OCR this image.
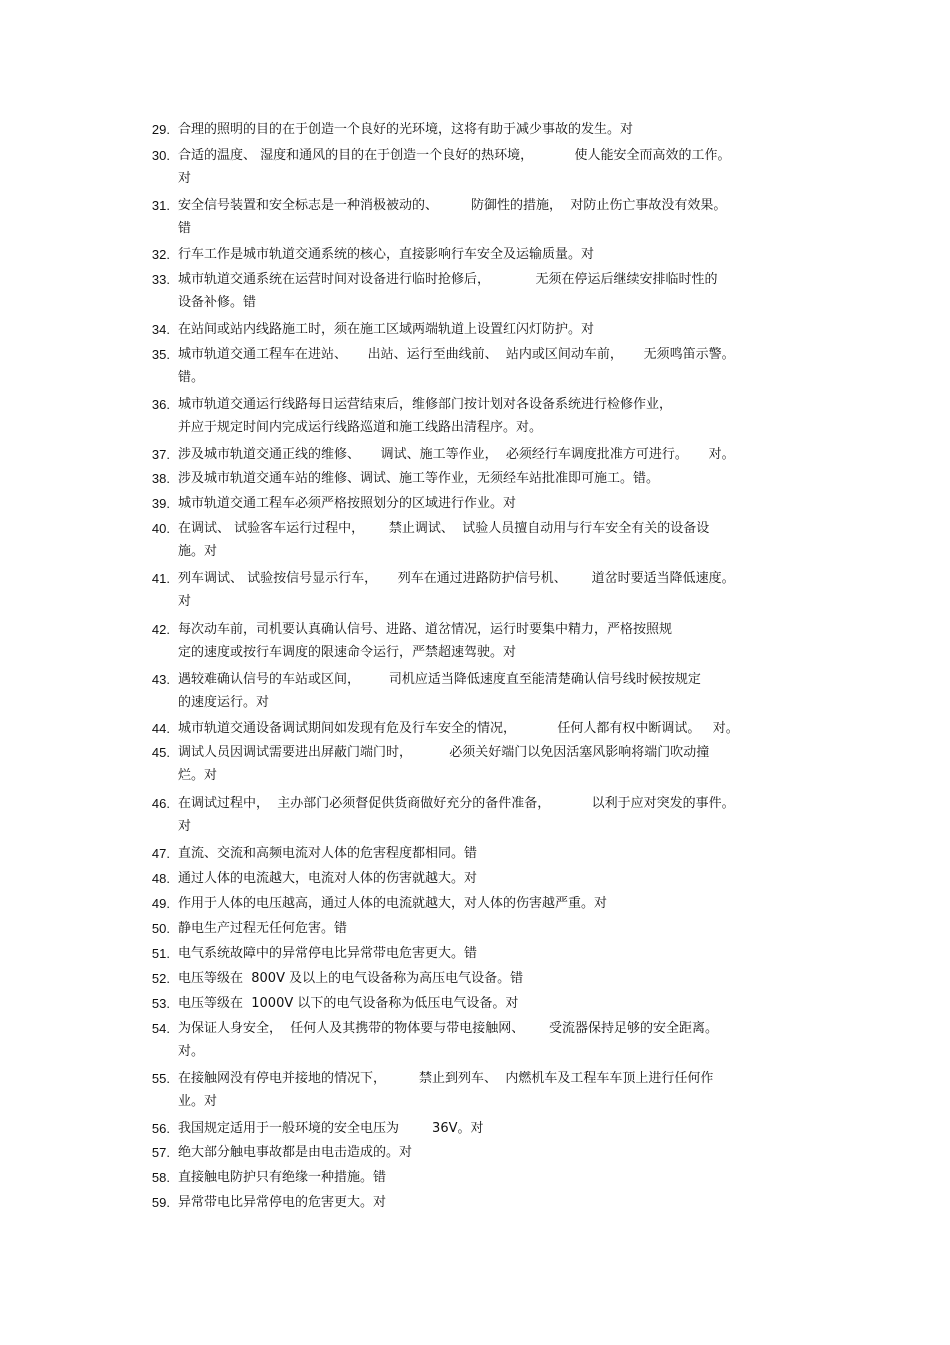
29. 合理的照明的目的在于创造一个良好的光环境，这将有助于减少事故的发生。对
30. 合适的温度、 湿度和通风的目的在于创造一个良好的热环境，          使人能安全而高效的工作。
对
31. 安全信号装置和安全标志是一种消极被动的、        防御性的措施，  对防止伤亡事故没有效果。
错
32. 行车工作是城市轨道交通系统的核心，直接影响行车安全及运输质量。对
33. 城市轨道交通系统在运营时间对设备进行临时抢修后，           无须在停运后继续安排临时性的
设备补修。错
34. 在站间或站内线路施工时，须在施工区域两端轨道上设置红闪灯防护。对
35. 城市轨道交通工程车在进站、     出站、运行至曲线前、  站内或区间动车前，     无须鸣笛示警。
错。
36. 城市轨道交通运行线路每日运营结束后，维修部门按计划对各设备系统进行检修作业，
并应于规定时间内完成运行线路巡道和施工线路出清程序。对。
37. 涉及城市轨道交通正线的维修、     调试、施工等作业，  必须经行车调度批准方可进行。     对。
38. 涉及城市轨道交通车站的维修、调试、施工等作业，无须经车站批准即可施工。错。
39. 城市轨道交通工程车必须严格按照划分的区域进行作业。对
40. 在调试、 试验客车运行过程中，      禁止调试、  试验人员擅自动用与行车安全有关的设备设
施。对
41. 列车调试、 试验按信号显示行车，     列车在通过进路防护信号机、      道岔时要适当降低速度。
对
42. 每次动车前，司机要认真确认信号、进路、道岔情况，运行时要集中精力，严格按照规
定的速度或按行车调度的限速命令运行，严禁超速驾驶。对
43. 遇较难确认信号的车站或区间，       司机应适当降低速度直至能清楚确认信号线时候按规定
的速度运行。对
44. 城市轨道交通设备调试期间如发现有危及行车安全的情况，          任何人都有权中断调试。   对。
45. 调试人员因调试需要进出屏蔽门端门时，         必须关好端门以免因活塞风影响将端门吹动撞
烂。对
46. 在调试过程中，  主办部门必须督促供货商做好充分的备件准备，          以利于应对突发的事件。
对
47. 直流、交流和高频电流对人体的危害程度都相同。错
48. 通过人体的电流越大，电流对人体的伤害就越大。对
49. 作用于人体的电压越高，通过人体的电流就越大，对人体的伤害越严重。对
50. 静电生产过程无任何危害。错
51. 电气系统故障中的异常停电比异常带电危害更大。错
52. 电压等级在  800V 及以上的电气设备称为高压电气设备。错
53. 电压等级在  1000V 以下的电气设备称为低压电气设备。对
54. 为保证人身安全，  任何人及其携带的物体要与带电接触网、      受流器保持足够的安全距离。
对。
55. 在接触网没有停电并接地的情况下，        禁止到列车、  内燃机车及工程车车顶上进行任何作
业。对
56. 我国规定适用于一般环境的安全电压为        36V。对
57. 绝大部分触电事故都是由电击造成的。对
58. 直接触电防护只有绝缘一种措施。错
59. 异常带电比异常停电的危害更大。对
